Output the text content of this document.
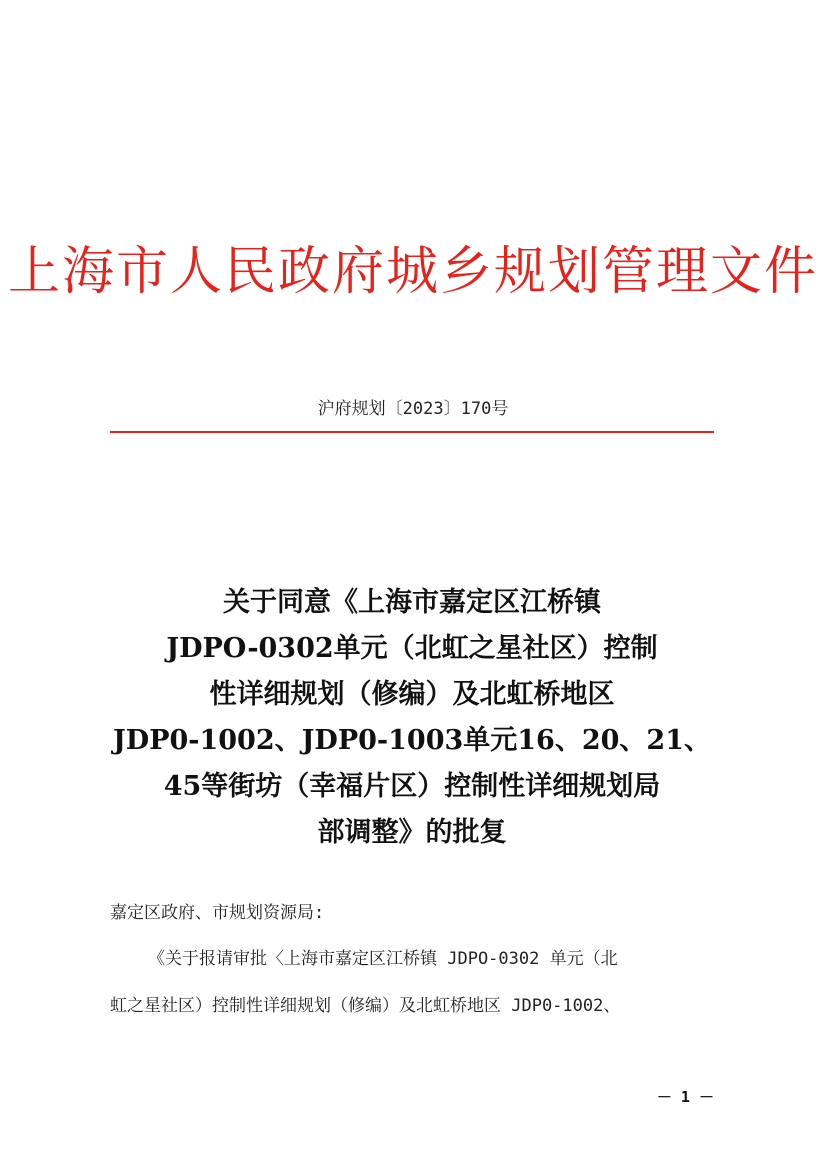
上海市人民政府城乡规划管理文件
沪府规划〔2023〕170号
关于同意《上海市嘉定区江桥镇
JDPO-0302单元（北虹之星社区）控制
性详细规划（修编）及北虹桥地区
JDP0-1002、JDP0-1003单元16、20、21、
45等街坊（幸福片区）控制性详细规划局
部调整》的批复
嘉定区政府、市规划资源局:
《关于报请审批〈上海市嘉定区江桥镇 JDPO-0302 单元（北
虹之星社区）控制性详细规划（修编）及北虹桥地区 JDP0-1002、
－ 1 －
